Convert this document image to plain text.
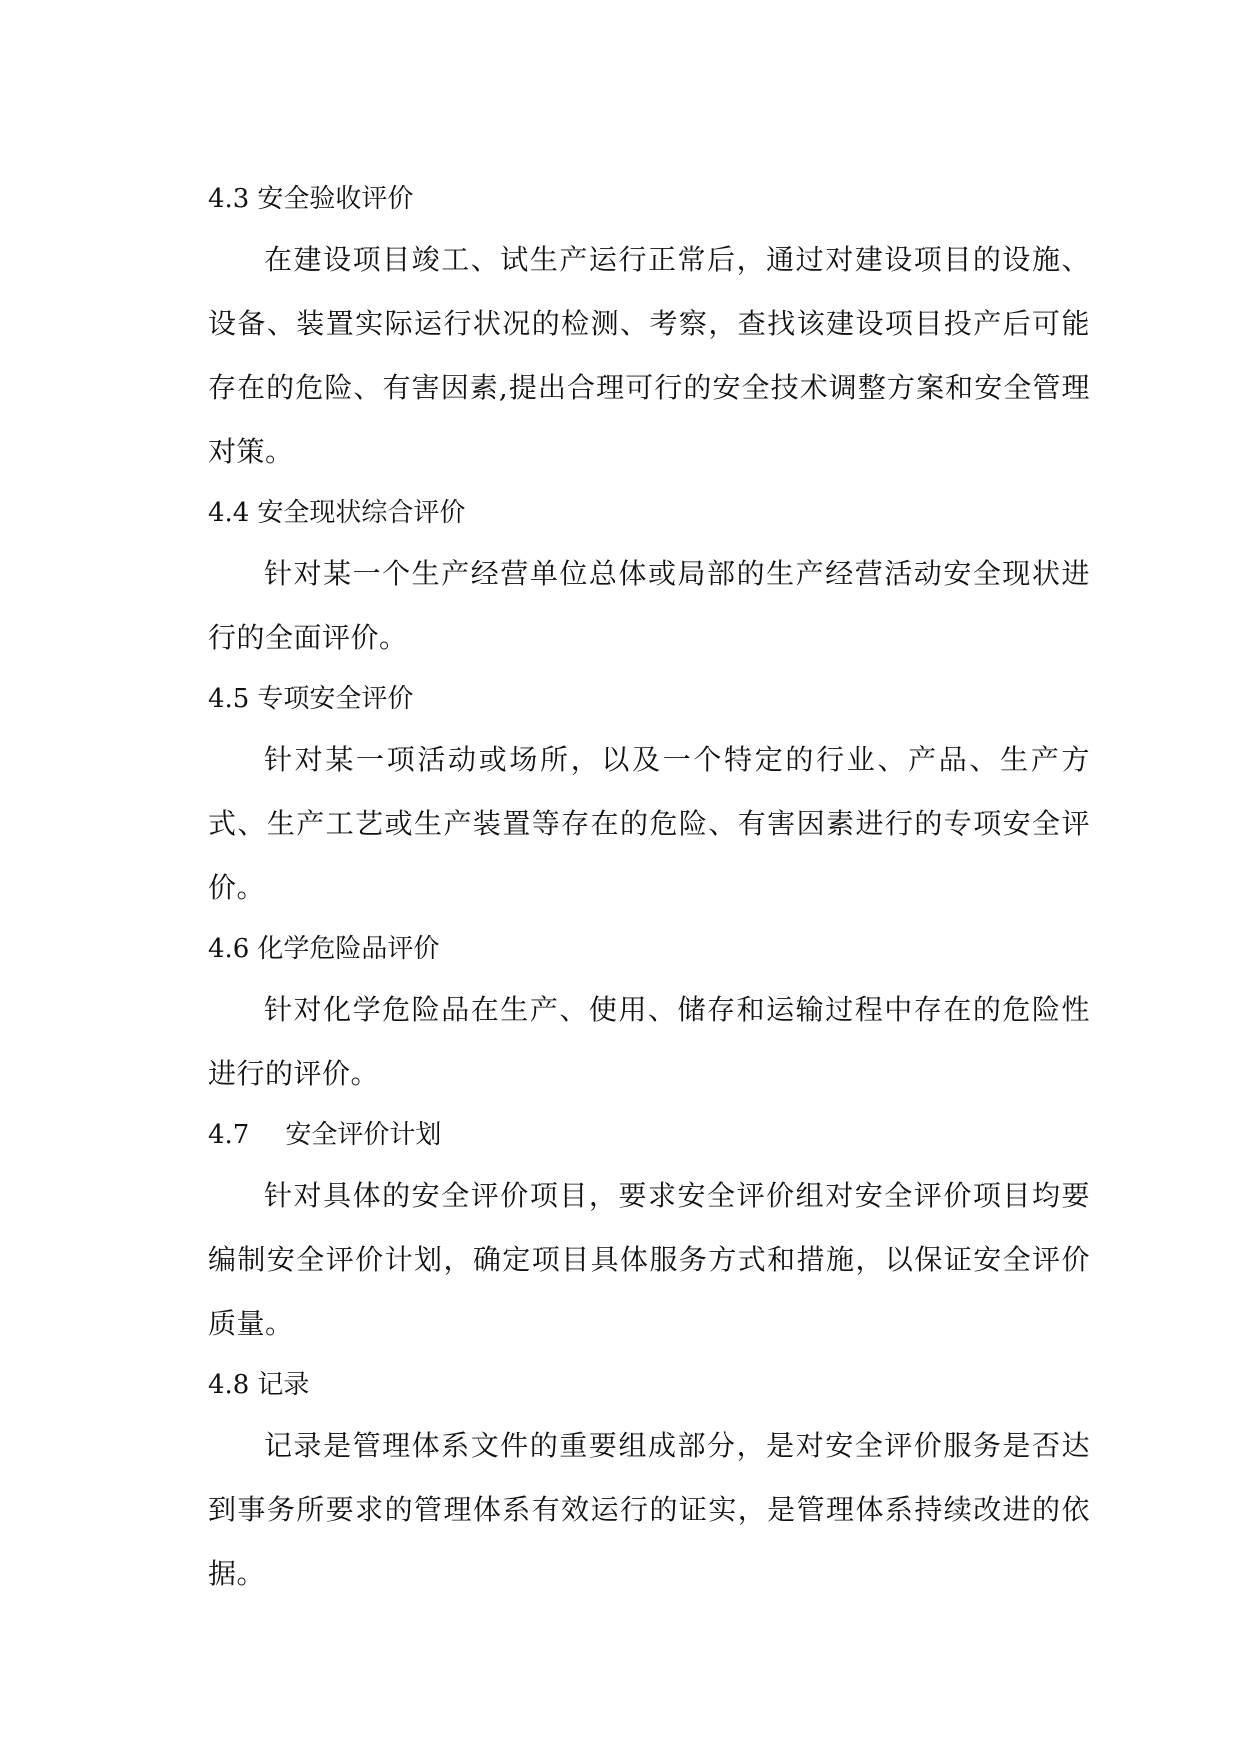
4.3 安全验收评价

在建设项目竣工、试生产运行正常后，通过对建设项目的设施、设备、装置实际运行状况的检测、考察，查找该建设项目投产后可能存在的危险、有害因素,提出合理可行的安全技术调整方案和安全管理对策。

4.4 安全现状综合评价

针对某一个生产经营单位总体或局部的生产经营活动安全现状进行的全面评价。

4.5 专项安全评价

针对某一项活动或场所，以及一个特定的行业、产品、生产方式、生产工艺或生产装置等存在的危险、有害因素进行的专项安全评价。

4.6 化学危险品评价

针对化学危险品在生产、使用、储存和运输过程中存在的危险性进行的评价。

4.7 安全评价计划

针对具体的安全评价项目，要求安全评价组对安全评价项目均要编制安全评价计划，确定项目具体服务方式和措施，以保证安全评价质量。

4.8 记录

记录是管理体系文件的重要组成部分，是对安全评价服务是否达到事务所要求的管理体系有效运行的证实，是管理体系持续改进的依据。
